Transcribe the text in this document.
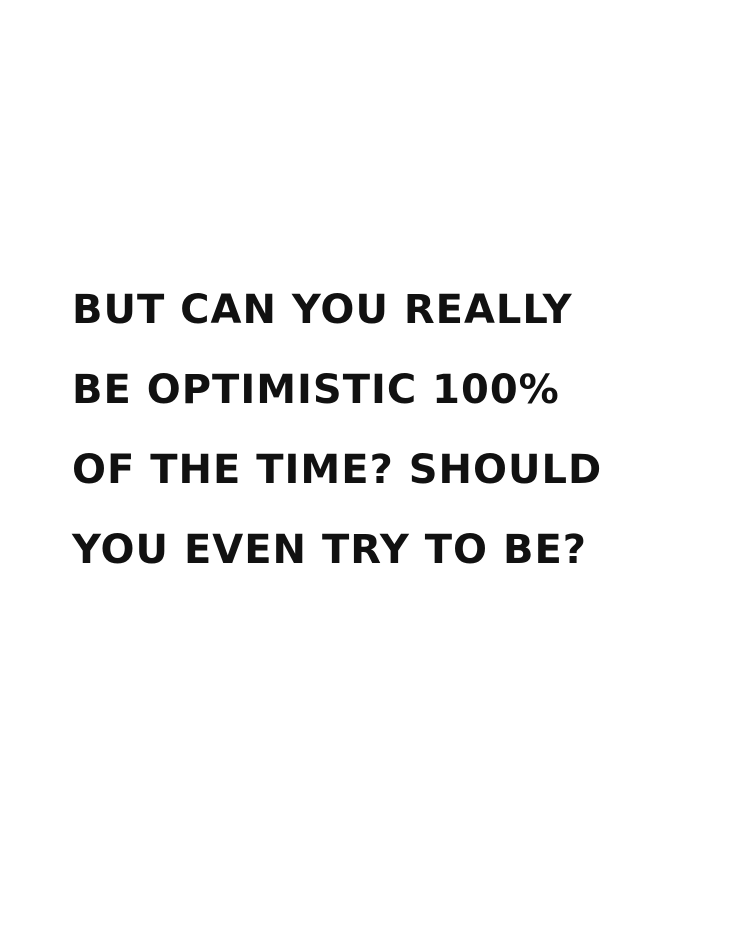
BUT CAN YOU REALLY
BE OPTIMISTIC 100%
OF THE TIME? SHOULD
YOU EVEN TRY TO BE?
